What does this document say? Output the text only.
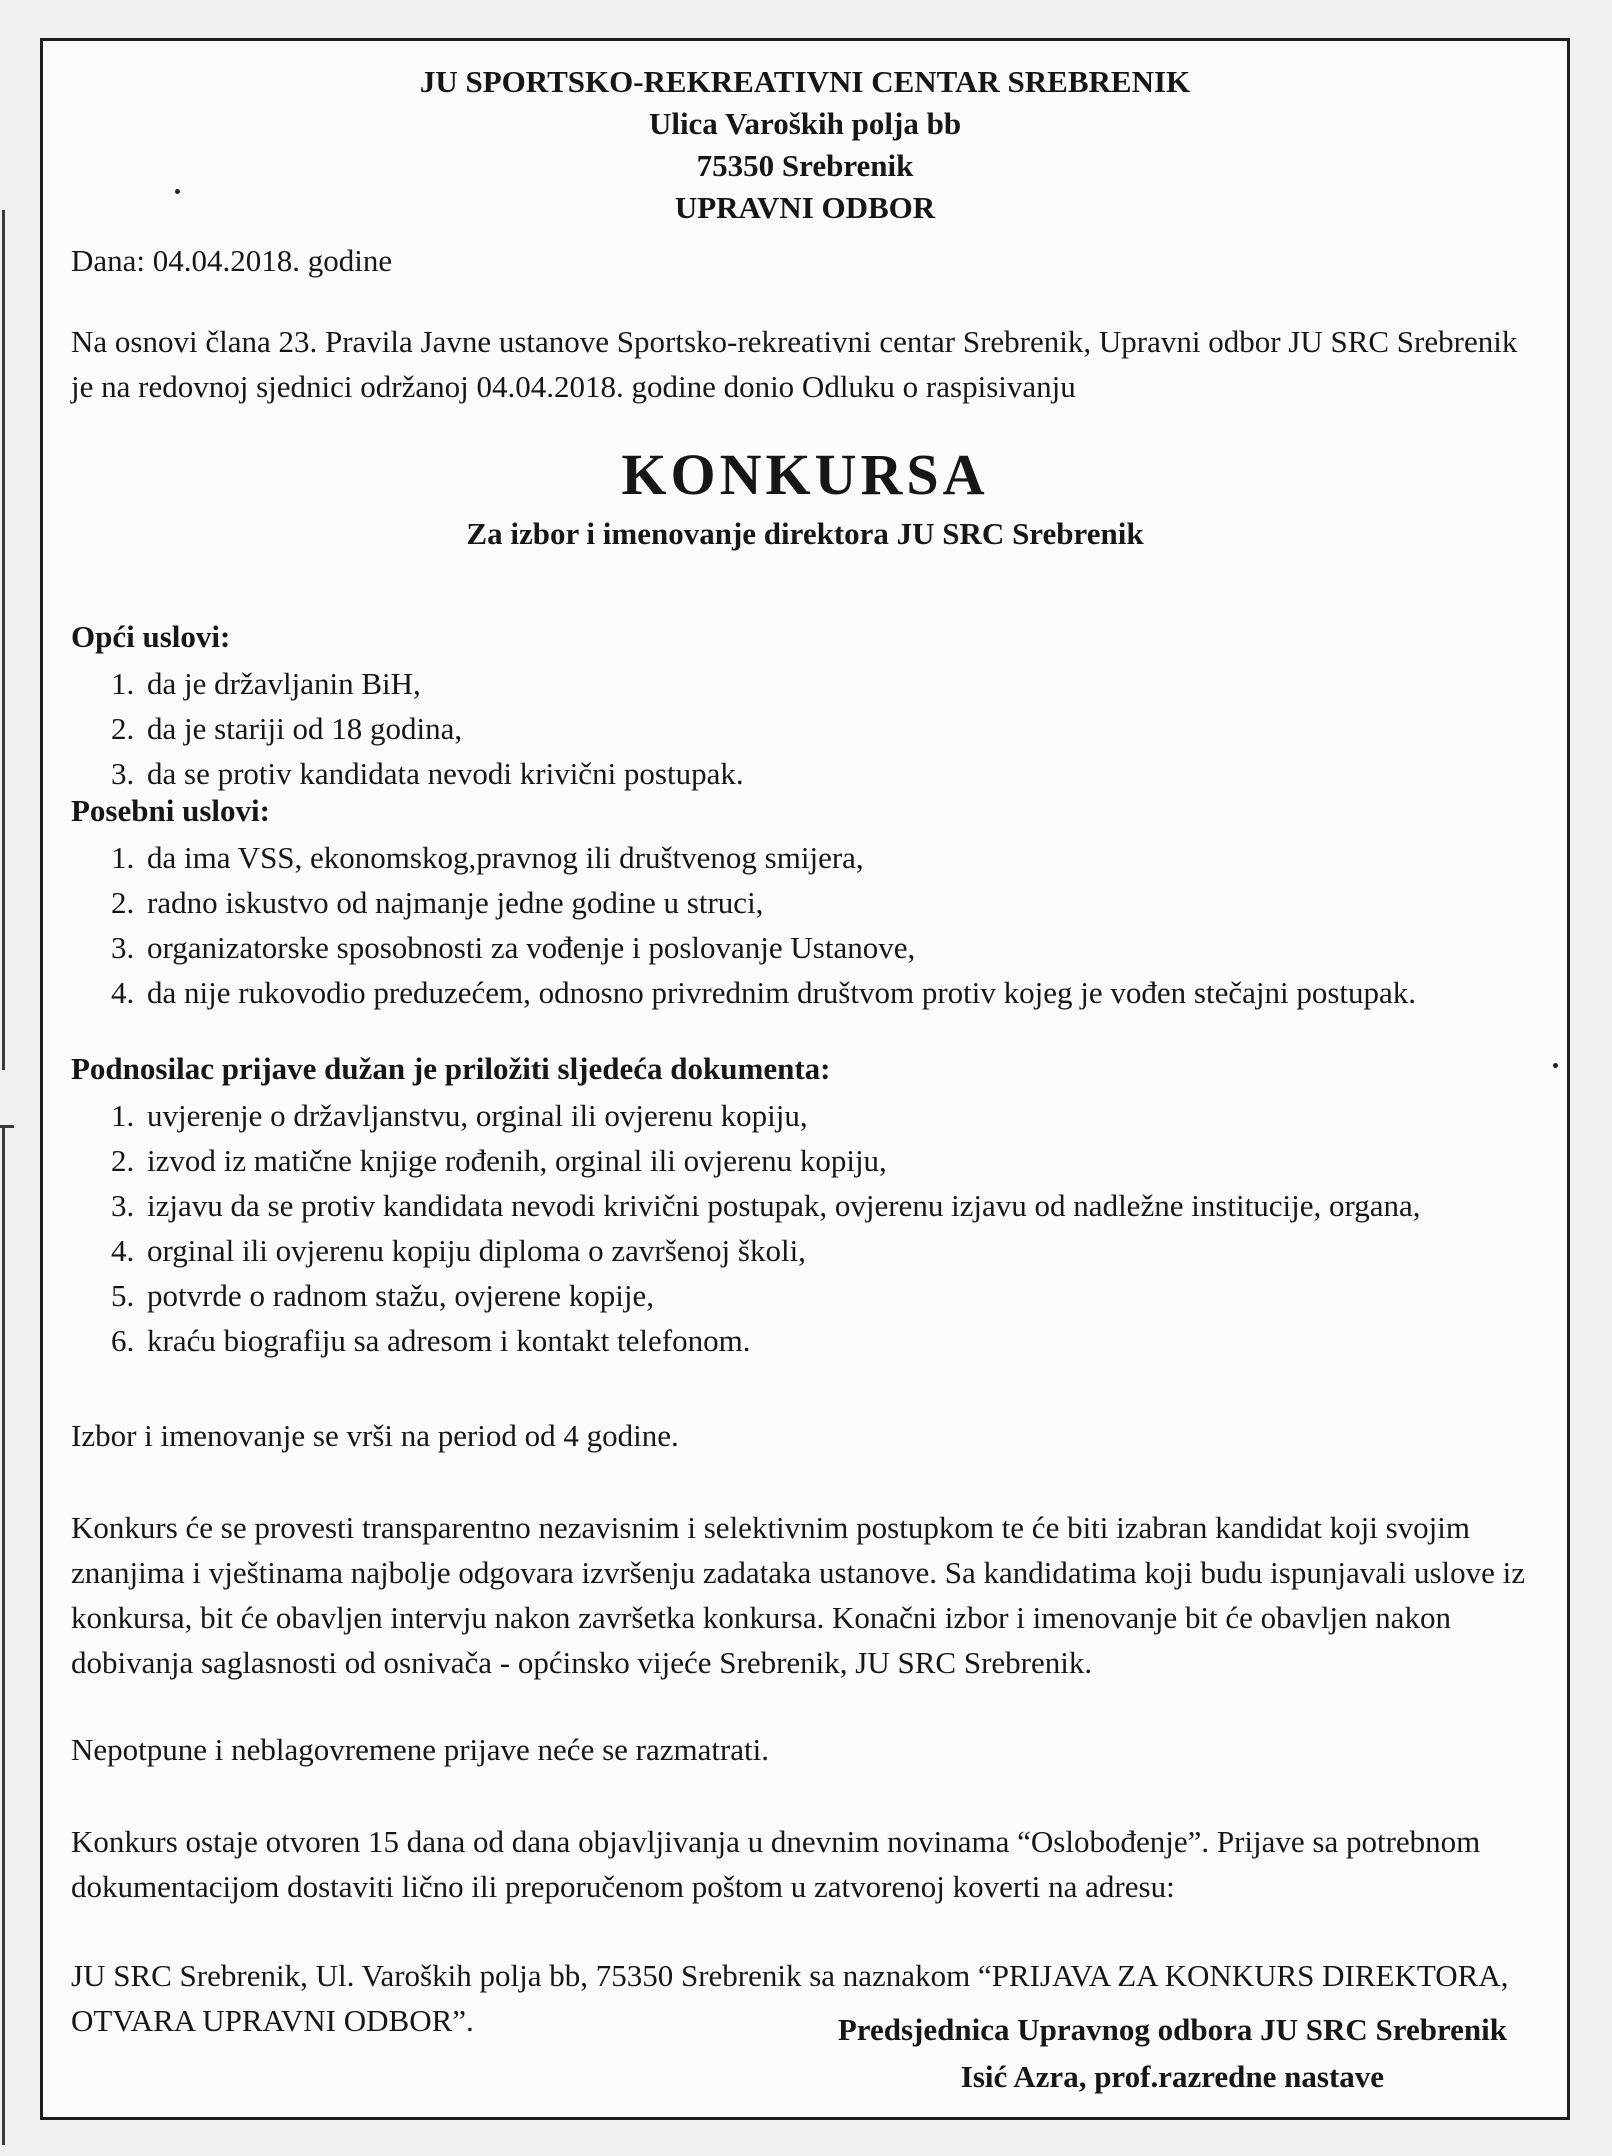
JU SPORTSKO-REKREATIVNI CENTAR SREBRENIK
Ulica Varoških polja bb
75350 Srebrenik
UPRAVNI ODBOR
Dana: 04.04.2018. godine
Na osnovi člana 23. Pravila Javne ustanove Sportsko-rekreativni centar Srebrenik, Upravni odbor JU SRC Srebrenik je na redovnoj sjednici održanoj 04.04.2018. godine donio Odluku o raspisivanju
KONKURSA
Za izbor i imenovanje direktora JU SRC Srebrenik
Opći uslovi:
1. da je državljanin BiH,
2. da je stariji od 18 godina,
3. da se protiv kandidata nevodi krivični postupak.
Posebni uslovi:
1. da ima VSS, ekonomskog,pravnog ili društvenog smijera,
2. radno iskustvo od najmanje jedne godine u struci,
3. organizatorske sposobnosti za vođenje i poslovanje Ustanove,
4. da nije rukovodio preduzećem, odnosno privrednim društvom protiv kojeg je vođen stečajni postupak.
Podnosilac prijave dužan je priložiti sljedeća dokumenta:
1. uvjerenje o državljanstvu, orginal ili ovjerenu kopiju,
2. izvod iz matične knjige rođenih, orginal ili ovjerenu kopiju,
3. izjavu da se protiv kandidata nevodi krivični postupak, ovjerenu izjavu od nadležne institucije, organa,
4. orginal ili ovjerenu kopiju diploma o završenoj školi,
5. potvrde o radnom stažu, ovjerene kopije,
6. kraću biografiju sa adresom i kontakt telefonom.
Izbor i imenovanje se vrši na period od 4 godine.
Konkurs će se provesti transparentno nezavisnim i selektivnim postupkom te će biti izabran kandidat koji svojim znanjima i vještinama najbolje odgovara izvršenju zadataka ustanove. Sa kandidatima koji budu ispunjavali uslove iz konkursa, bit će obavljen intervju nakon završetka konkursa. Konačni izbor i imenovanje bit će obavljen nakon dobivanja saglasnosti od osnivača - općinsko vijeće Srebrenik, JU SRC Srebrenik.
Nepotpune i neblagovremene prijave neće se razmatrati.
Konkurs ostaje otvoren 15 dana od dana objavljivanja u dnevnim novinama “Oslobođenje”. Prijave sa potrebnom dokumentacijom dostaviti lično ili preporučenom poštom u zatvorenoj koverti na adresu:
JU SRC Srebrenik, Ul. Varoških polja bb, 75350 Srebrenik sa naznakom “PRIJAVA ZA KONKURS DIREKTORA, OTVARA UPRAVNI ODBOR”.	Predsjednica Upravnog odbora JU SRC Srebrenik
Isić Azra, prof.razredne nastave
